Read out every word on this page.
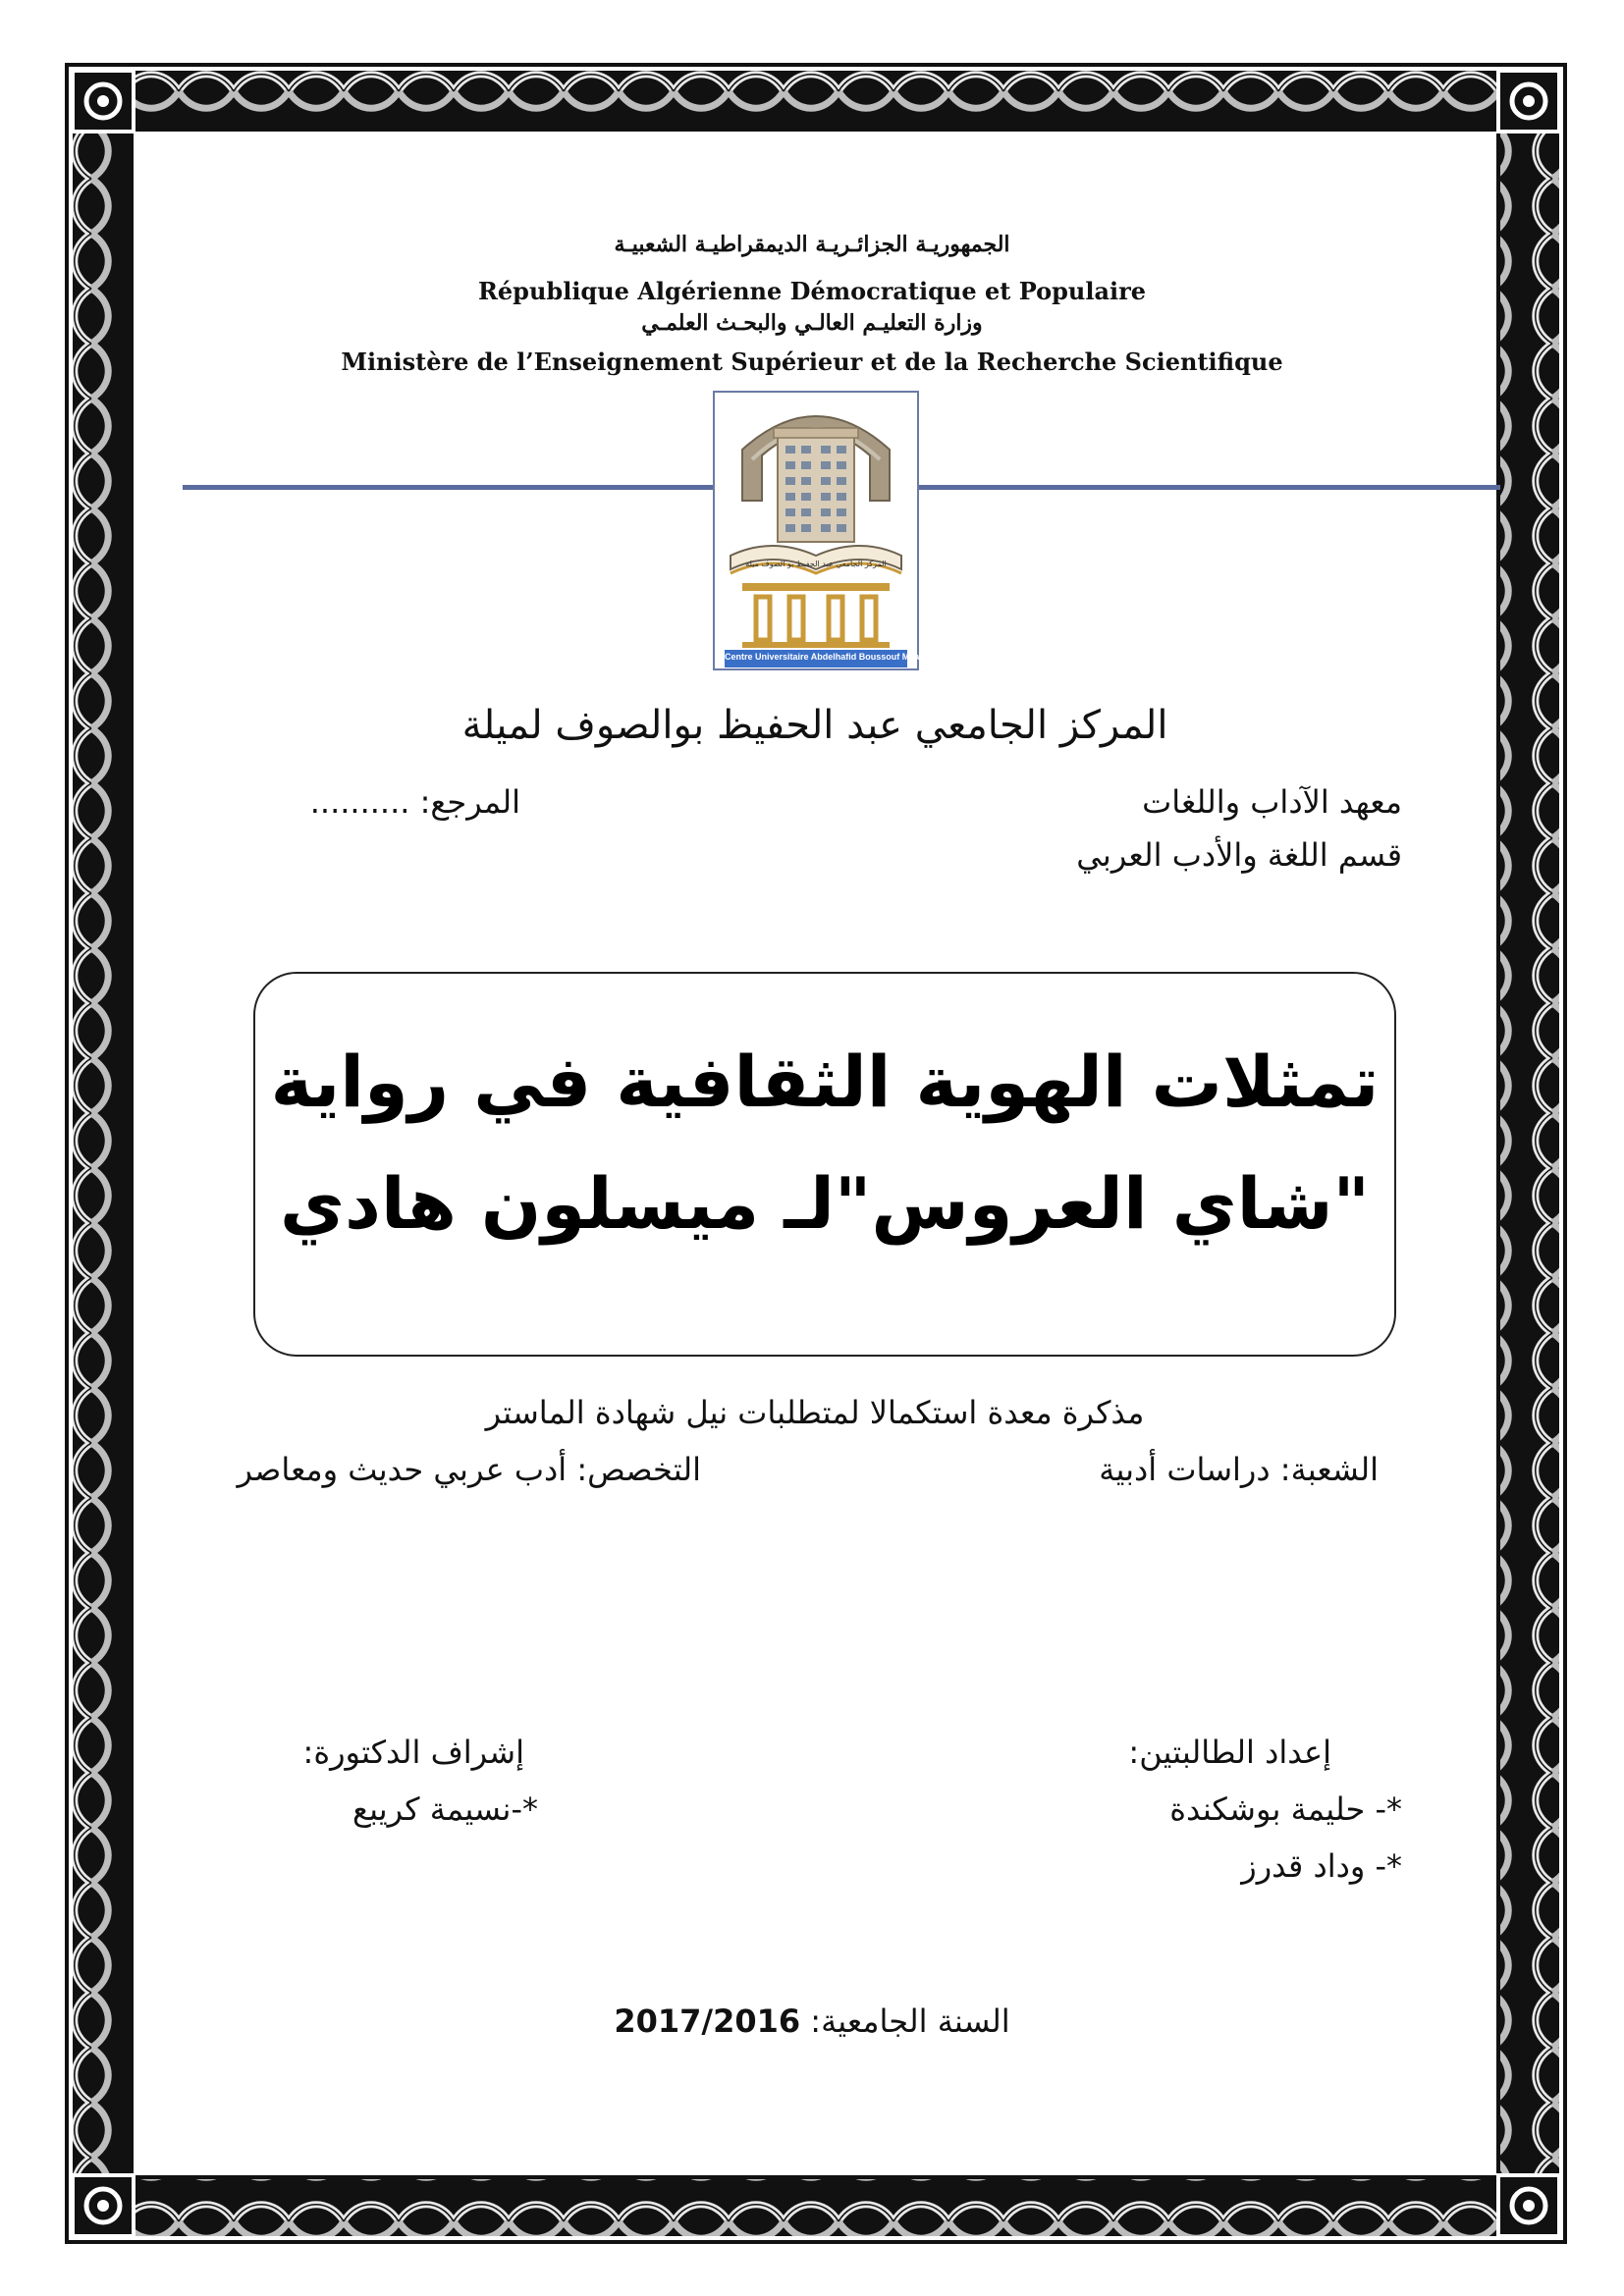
الجمهوريـة الجزائـريـة الديمقراطيـة الشعبيـة
République Algérienne Démocratique et Populaire
وزارة التعليـم العالـي والبحـث العلمـي
Ministère de l’Enseignement Supérieur et de la Recherche Scientifique
المركز الجامعي عبد الحفيظ بو الصوف ميلة
Centre Universitaire Abdelhafid Boussouf Mila
المركز الجامعي عبد الحفيظ بوالصوف لميلة
معهد الآداب واللغات
المرجع: ..........
قسم اللغة والأدب العربي
تمثلات الهوية الثقافية في رواية
"شاي العروس"لـ ميسلون هادي
مذكرة معدة استكمالا لمتطلبات نيل شهادة الماستر
الشعبة: دراسات أدبية
التخصص: أدب عربي حديث ومعاصر
إعداد الطالبتين:
إشراف الدكتورة:
*- حليمة بوشكندة
*-نسيمة كريبع
*- وداد قدرز
السنة الجامعية: 2017/2016
